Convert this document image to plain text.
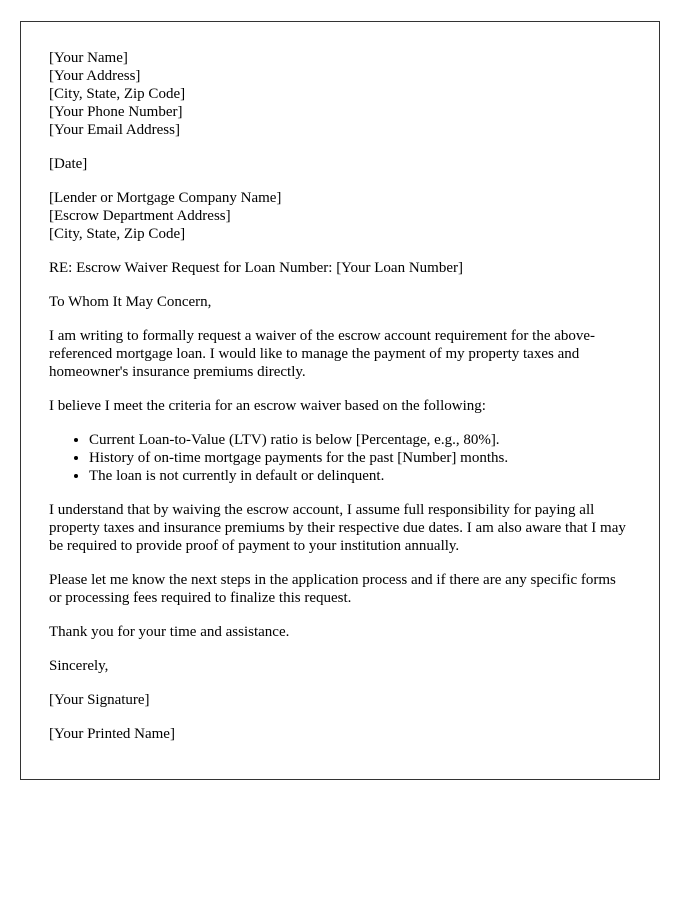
[Your Name]
[Your Address]
[City, State, Zip Code]
[Your Phone Number]
[Your Email Address]

[Date]

[Lender or Mortgage Company Name]
[Escrow Department Address]
[City, State, Zip Code]

RE: Escrow Waiver Request for Loan Number: [Your Loan Number]

To Whom It May Concern,

I am writing to formally request a waiver of the escrow account requirement for the above-referenced mortgage loan. I would like to manage the payment of my property taxes and homeowner's insurance premiums directly.

I believe I meet the criteria for an escrow waiver based on the following:

• Current Loan-to-Value (LTV) ratio is below [Percentage, e.g., 80%].
• History of on-time mortgage payments for the past [Number] months.
• The loan is not currently in default or delinquent.

I understand that by waiving the escrow account, I assume full responsibility for paying all property taxes and insurance premiums by their respective due dates. I am also aware that I may be required to provide proof of payment to your institution annually.

Please let me know the next steps in the application process and if there are any specific forms or processing fees required to finalize this request.

Thank you for your time and assistance.

Sincerely,

[Your Signature]

[Your Printed Name]
